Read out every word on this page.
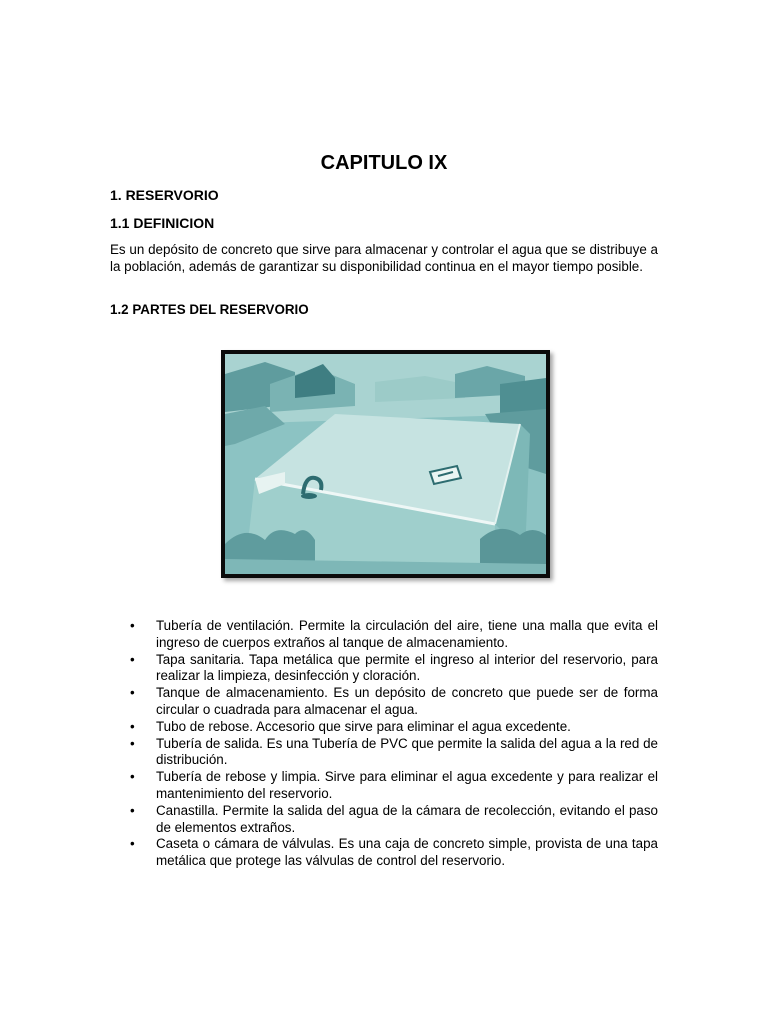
CAPITULO IX
1. RESERVORIO
1.1 DEFINICION

Es un depósito de concreto que sirve para almacenar y controlar el agua que se distribuye a la población, además de garantizar su disponibilidad continua en el mayor tiempo posible.

1.2 PARTES DEL RESERVORIO
•	Tubería de ventilación. Permite la circulación del aire, tiene una malla que evita el ingreso de cuerpos extraños al tanque de almacenamiento.
•	Tapa sanitaria. Tapa metálica que permite el ingreso al interior del reservorio, para realizar la limpieza, desinfección y cloración.
•	Tanque de almacenamiento. Es un depósito de concreto que puede ser de forma circular o cuadrada para almacenar el agua.
•	Tubo de rebose. Accesorio que sirve para eliminar el agua excedente.
•	Tubería de salida. Es una Tubería de PVC que permite la salida del agua a la red de distribución.
•	Tubería de rebose y limpia. Sirve para eliminar el agua excedente y para realizar el mantenimiento del reservorio.
•	Canastilla. Permite la salida del agua de la cámara de recolección, evitando el paso de elementos extraños.
•	Caseta o cámara de válvulas. Es una caja de concreto simple, provista de una tapa metálica que protege las válvulas de control del reservorio.
